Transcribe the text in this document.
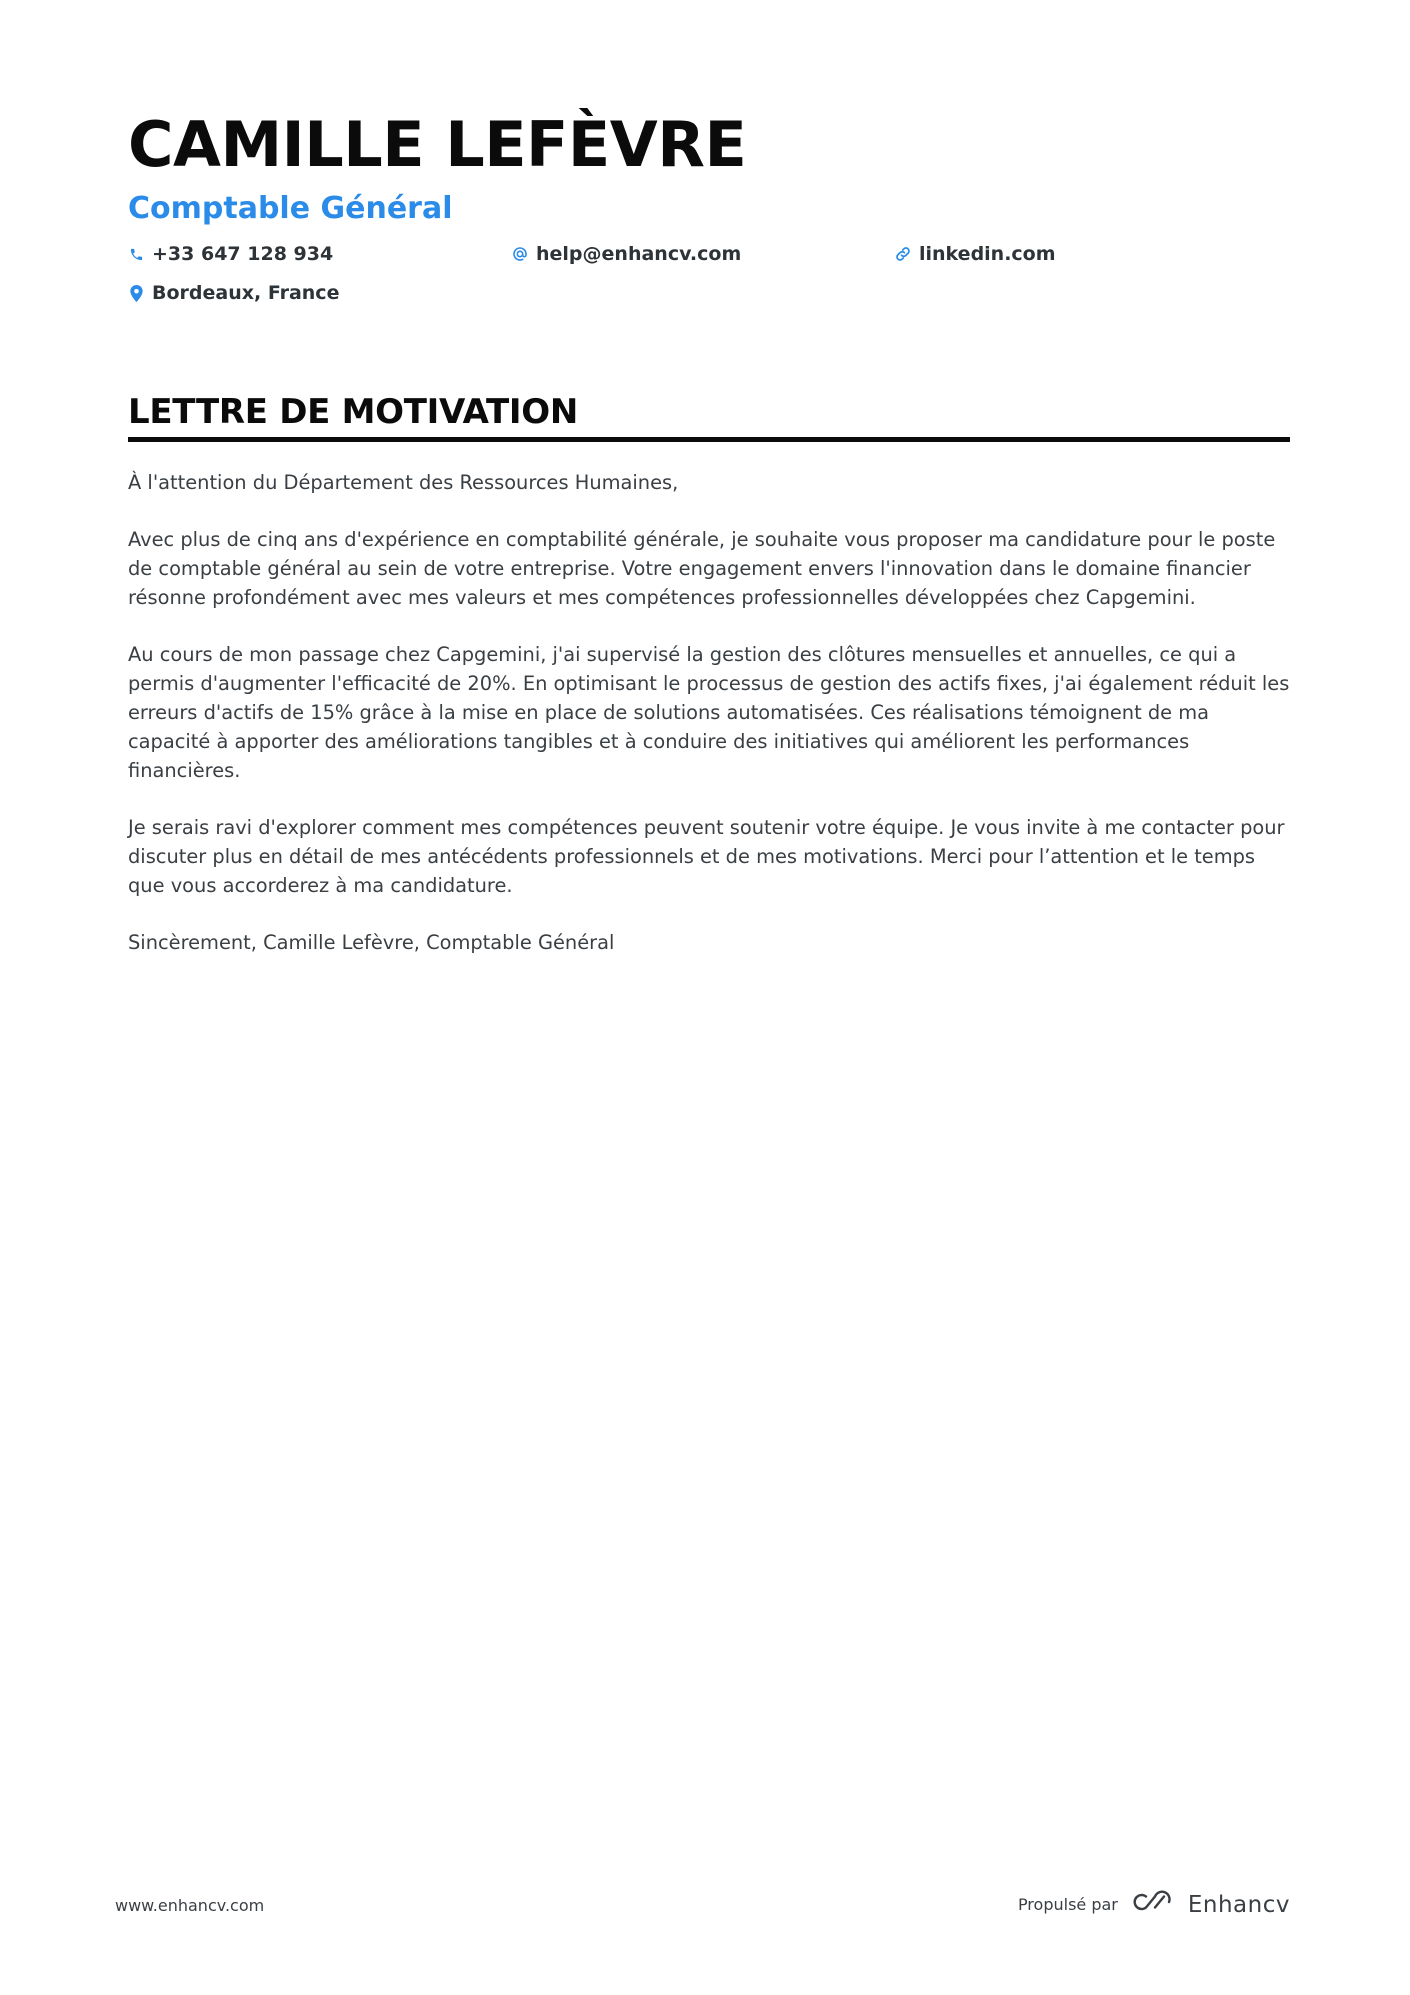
CAMILLE LEFÈVRE
Comptable Général
+33 647 128 934	help@enhancv.com	linkedin.com
Bordeaux, France
LETTRE DE MOTIVATION

À l'attention du Département des Ressources Humaines,

Avec plus de cinq ans d'expérience en comptabilité générale, je souhaite vous proposer ma candidature pour le poste de comptable général au sein de votre entreprise. Votre engagement envers l'innovation dans le domaine financier résonne profondément avec mes valeurs et mes compétences professionnelles développées chez Capgemini.

Au cours de mon passage chez Capgemini, j'ai supervisé la gestion des clôtures mensuelles et annuelles, ce qui a permis d'augmenter l'efficacité de 20%. En optimisant le processus de gestion des actifs fixes, j'ai également réduit les erreurs d'actifs de 15% grâce à la mise en place de solutions automatisées. Ces réalisations témoignent de ma capacité à apporter des améliorations tangibles et à conduire des initiatives qui améliorent les performances financières.

Je serais ravi d'explorer comment mes compétences peuvent soutenir votre équipe. Je vous invite à me contacter pour discuter plus en détail de mes antécédents professionnels et de mes motivations. Merci pour l’attention et le temps que vous accorderez à ma candidature.

Sincèrement, Camille Lefèvre, Comptable Général

www.enhancv.com	Propulsé par	Enhancv
